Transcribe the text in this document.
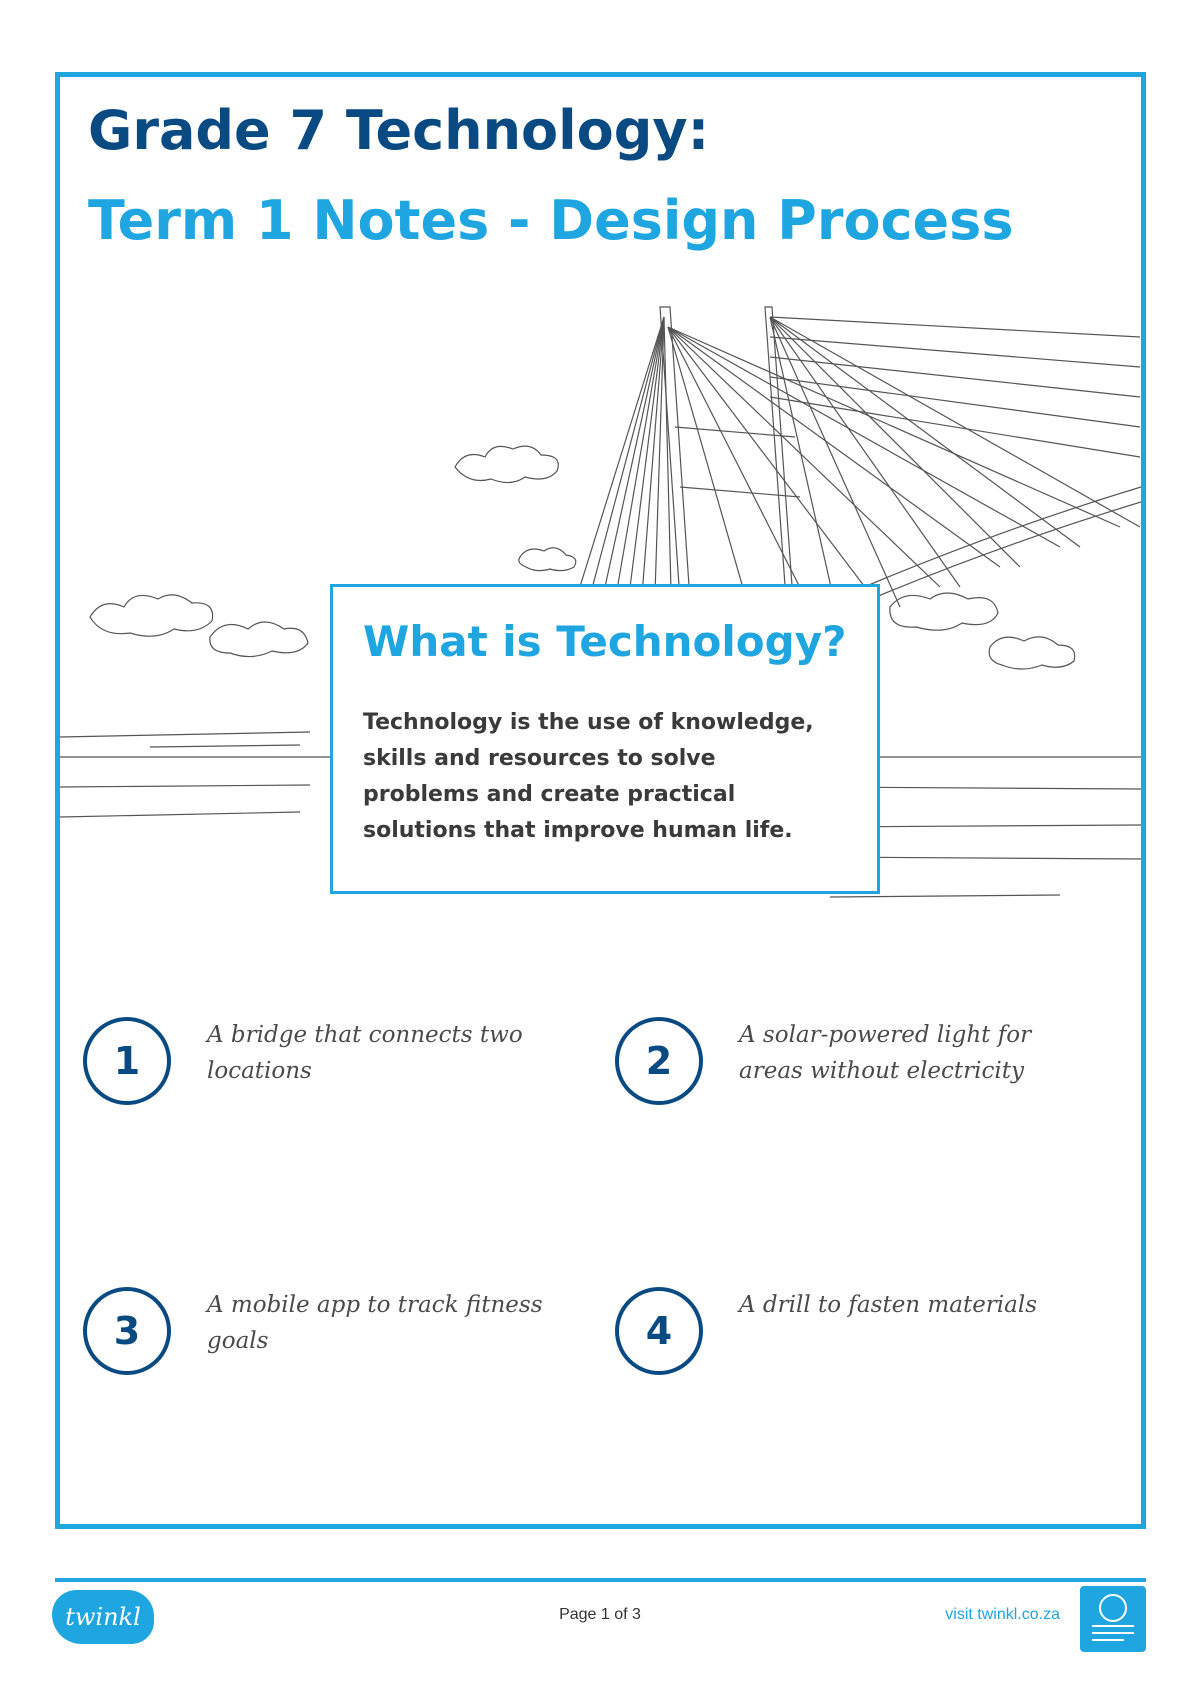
Grade 7 Technology:
Term 1 Notes - Design Process
What is Technology?

Technology is the use of knowledge, skills and resources to solve problems and create practical solutions that improve human life.

1

A bridge that connects two locations	2

A solar-powered light for areas without electricity

3

A mobile app to track fitness goals	4

A drill to fasten materials

twinkl	Page 1 of 3	visit twinkl.co.za
